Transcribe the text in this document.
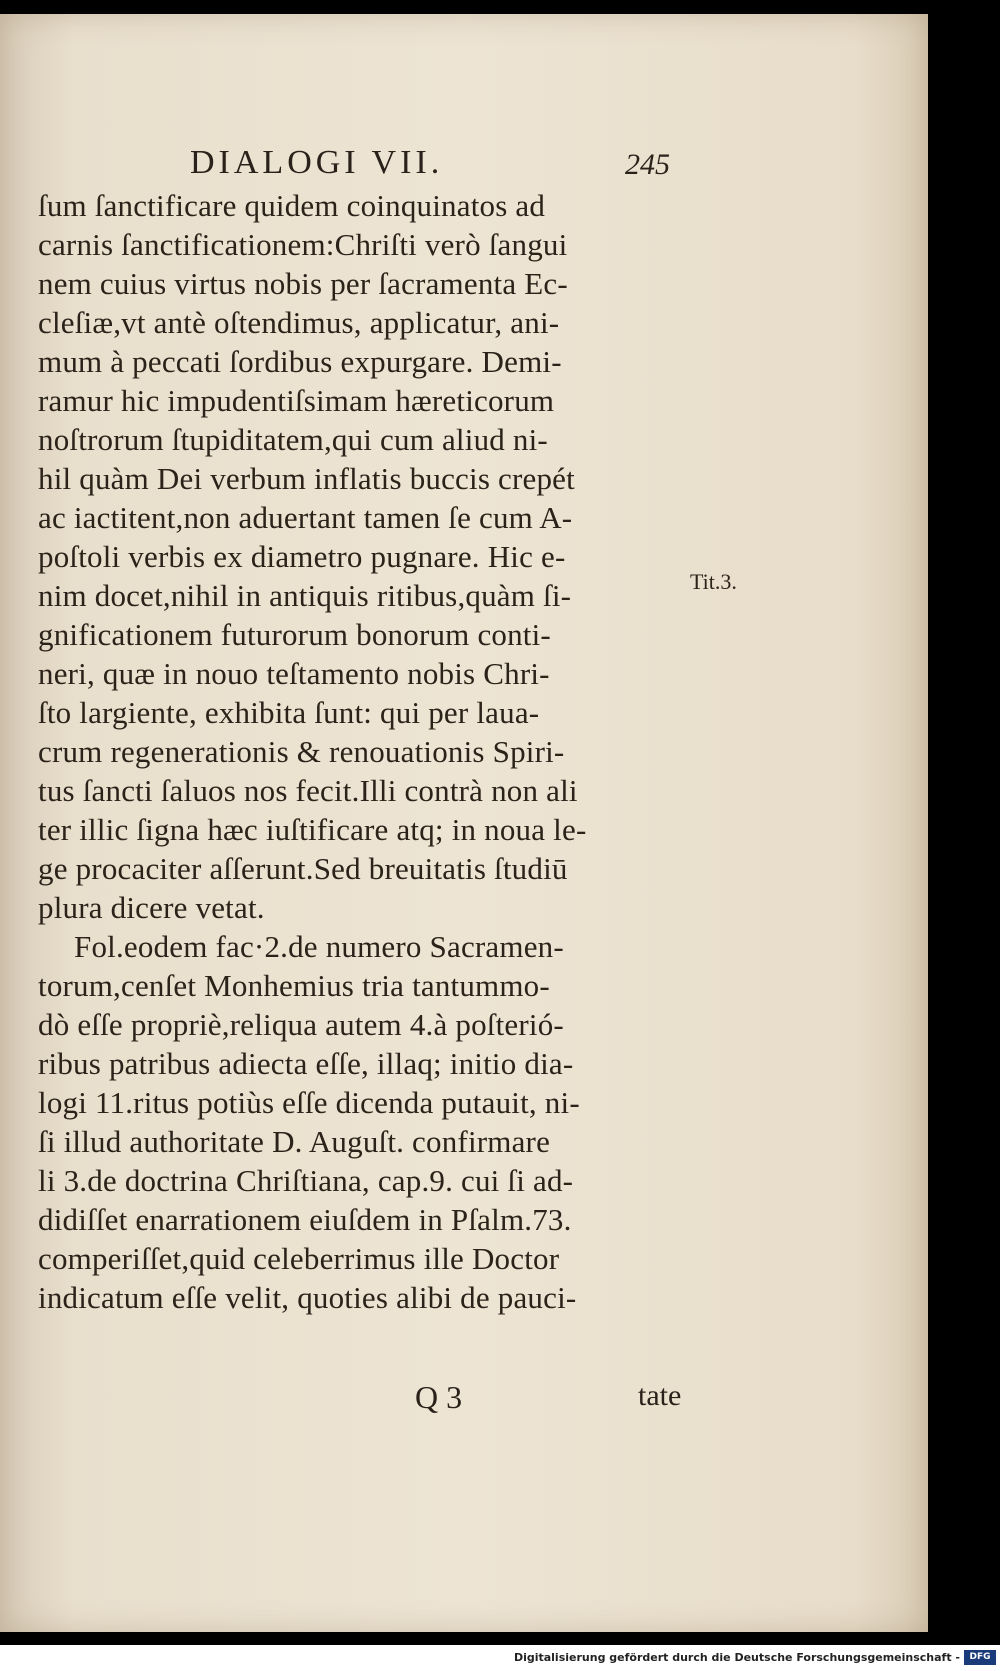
DIALOGI VII.	245
ſum ſanctificare quidem coinquinatos ad
carnis ſanctificationem:Chriſti verò ſangui
nem cuius virtus nobis per ſacramenta Ec-
cleſiæ,vt antè oſtendimus, applicatur, ani-
mum à peccati ſordibus expurgare. Demi-
ramur hic impudentiſsimam hæreticorum
noſtrorum ſtupiditatem,qui cum aliud ni-
hil quàm Dei verbum inflatis buccis crepét
ac iactitent,non aduertant tamen ſe cum A-
poſtoli verbis ex diametro pugnare. Hic e-
nim docet,nihil in antiquis ritibus,quàm ſi-
gnificationem futurorum bonorum conti-
neri, quæ in nouo teſtamento nobis Chri-
ſto largiente, exhibita ſunt: qui per laua-
crum regenerationis & renouationis Spiri-
tus ſancti ſaluos nos fecit.Illi contrà non ali
ter illic ſigna hæc iuſtificare atq; in noua le-
ge procaciter aſſerunt.Sed breuitatis ſtudiū
plura dicere vetat.
Fol.eodem fac·2.de numero Sacramen-
torum,cenſet Monhemius tria tantummo-
dò eſſe propriè,reliqua autem 4.à poſterió-
ribus patribus adiecta eſſe, illaq; initio dia-
logi 11.ritus potiùs eſſe dicenda putauit, ni-
ſi illud authoritate D. Auguſt. confirmare
li 3.de doctrina Chriſtiana, cap.9. cui ſi ad-
didiſſet enarrationem eiuſdem in Pſalm.73.
comperiſſet,quid celeberrimus ille Doctor
indicatum eſſe velit, quoties alibi de pauci-
Tit.3.
Q 3	tate
Digitalisierung gefördert durch die Deutsche Forschungsgemeinschaft -	DFG
